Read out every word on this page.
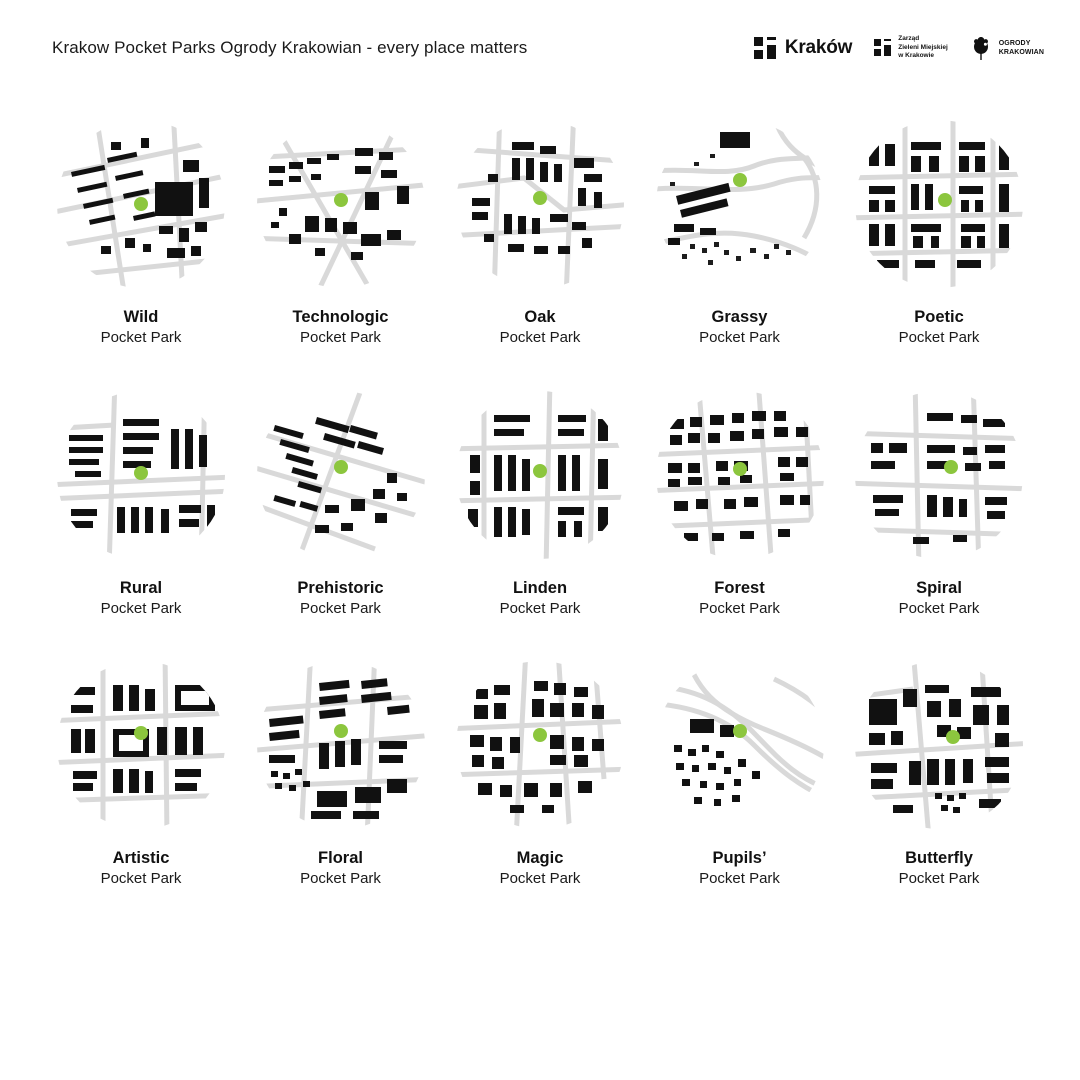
Krakow Pocket Parks Ogrody Krakowian - every place matters	Kraków	Zarząd
Zieleni Miejskiej
w Krakowie
OGRODY
KRAKOWIAN
Wild
Pocket Park
Technologic
Pocket Park
Oak
Pocket Park
Grassy
Pocket Park
Poetic
Pocket Park
Rural
Pocket Park
Prehistoric
Pocket Park
Linden
Pocket Park
Forest
Pocket Park
Spiral
Pocket Park
Artistic
Pocket Park
Floral
Pocket Park
Magic
Pocket Park
Pupils’
Pocket Park
Butterfly
Pocket Park
